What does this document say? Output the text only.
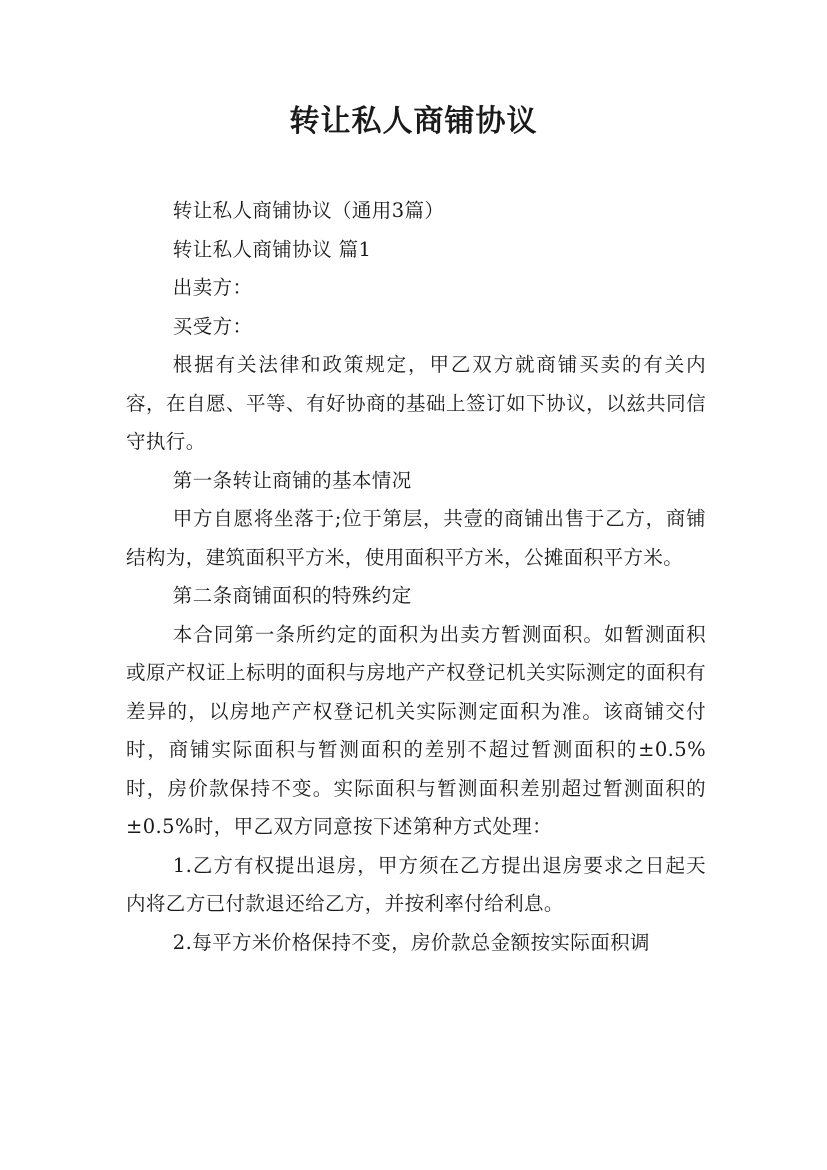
转让私人商铺协议

转让私人商铺协议（通用3篇）

转让私人商铺协议 篇1

出卖方：

买受方：

根据有关法律和政策规定，甲乙双方就商铺买卖的有关内容，在自愿、平等、有好协商的基础上签订如下协议，以兹共同信守执行。

第一条转让商铺的基本情况

甲方自愿将坐落于;位于第层，共壹的商铺出售于乙方，商铺结构为，建筑面积平方米，使用面积平方米，公摊面积平方米。

第二条商铺面积的特殊约定

本合同第一条所约定的面积为出卖方暂测面积。如暂测面积或原产权证上标明的面积与房地产产权登记机关实际测定的面积有差异的，以房地产产权登记机关实际测定面积为准。该商铺交付时，商铺实际面积与暂测面积的差别不超过暂测面积的±0.5%时，房价款保持不变。实际面积与暂测面积差别超过暂测面积的±0.5%时，甲乙双方同意按下述第种方式处理：

1.乙方有权提出退房，甲方须在乙方提出退房要求之日起天内将乙方已付款退还给乙方，并按利率付给利息。

2.每平方米价格保持不变，房价款总金额按实际面积调
